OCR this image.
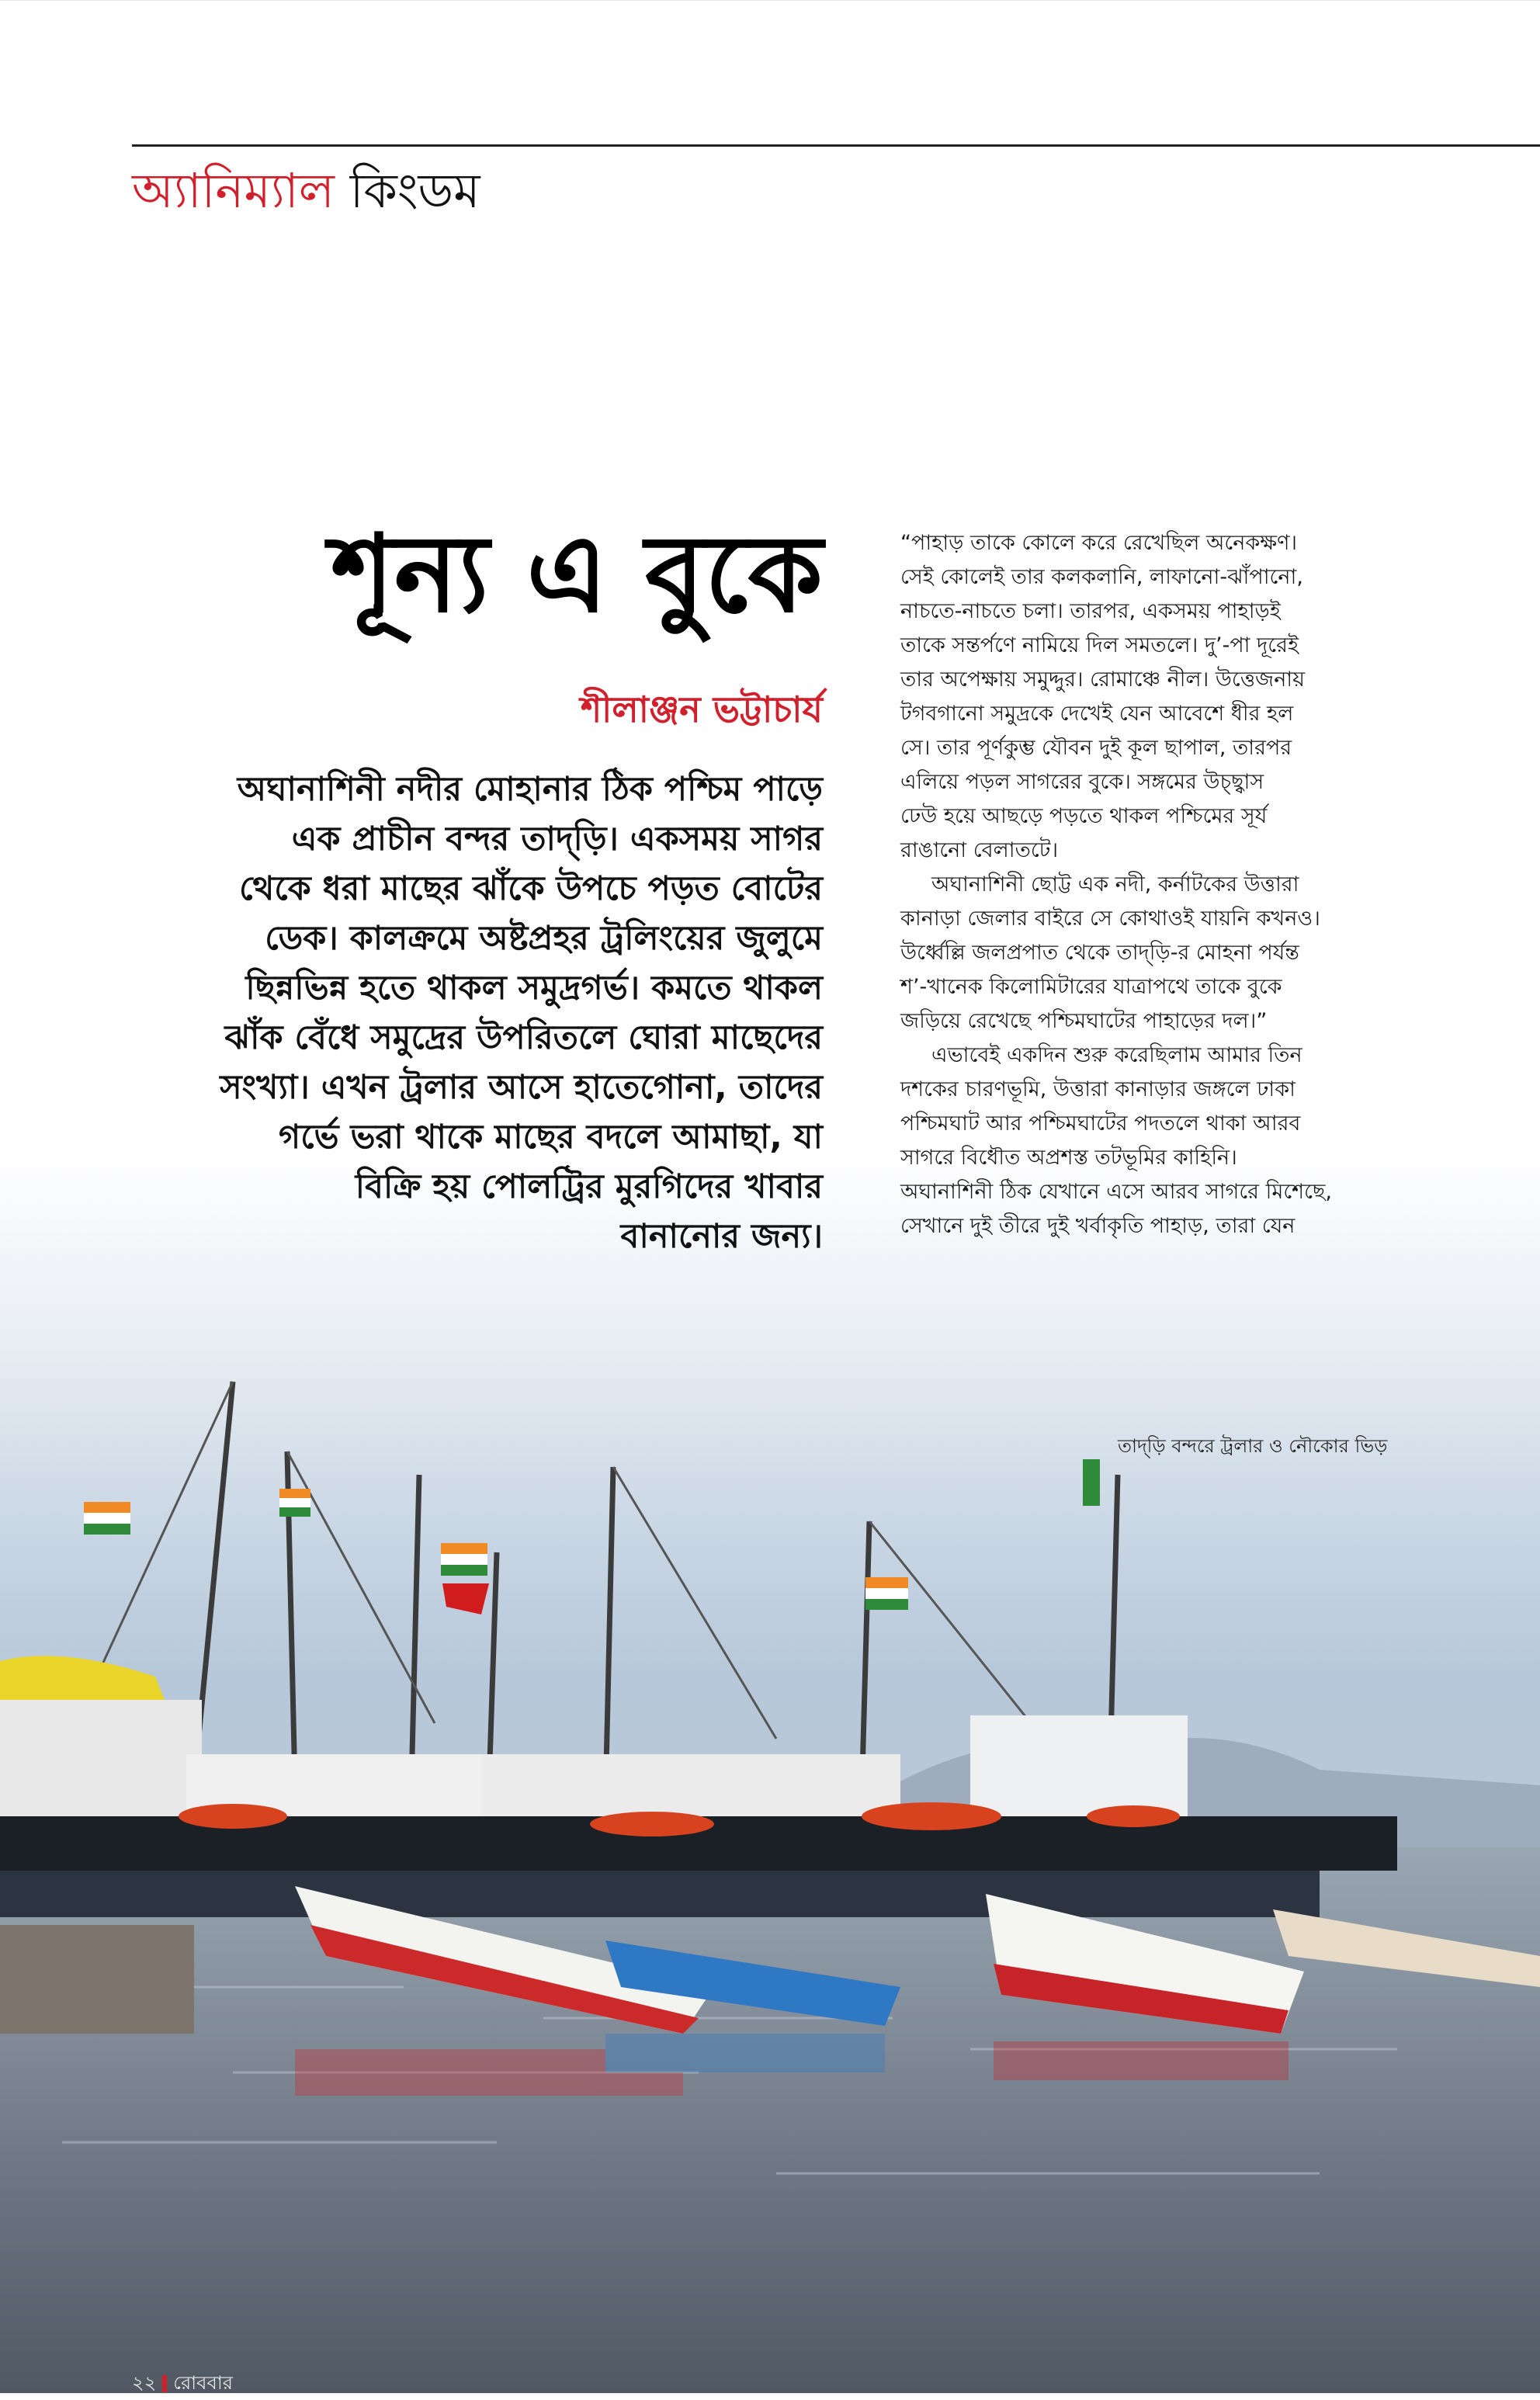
অ্যানিম্যাল কিংডম
শূন্য এ বুকে
শীলাঞ্জন ভট্টাচার্য

অঘানাশিনী নদীর মোহানার ঠিক পশ্চিম পাড়ে

এক প্রাচীন বন্দর তাদ্‌ড়ি। একসময় সাগর

থেকে ধরা মাছের ঝাঁকে উপচে পড়ত বোটের

ডেক। কালক্রমে অষ্টপ্রহর ট্রলিংয়ের জুলুমে

ছিন্নভিন্ন হতে থাকল সমুদ্রগর্ভ। কমতে থাকল

ঝাঁক বেঁধে সমুদ্রের উপরিতলে ঘোরা মাছেদের

সংখ্যা। এখন ট্রলার আসে হাতেগোনা, তাদের

গর্ভে ভরা থাকে মাছের বদলে আমাছা, যা

বিক্রি হয় পোলট্রির মুরগিদের খাবার

বানানোর জন্য।

“পাহাড় তাকে কোলে করে রেখেছিল অনেকক্ষণ।

সেই কোলেই তার কলকলানি, লাফানো-ঝাঁপানো,

নাচতে-নাচতে চলা। তারপর, একসময় পাহাড়ই

তাকে সন্তর্পণে নামিয়ে দিল সমতলে। দু’-পা দূরেই

তার অপেক্ষায় সমুদ্দুর। রোমাঞ্চে নীল। উত্তেজনায়

টগবগানো সমুদ্রকে দেখেই যেন আবেশে ধীর হল

সে। তার পূর্ণকুম্ভ যৌবন দুই কূল ছাপাল, তারপর

এলিয়ে পড়ল সাগরের বুকে। সঙ্গমের উচ্ছ্বাস

ঢেউ হয়ে আছড়ে পড়তে থাকল পশ্চিমের সূর্য

রাঙানো বেলাতটে।

অঘানাশিনী ছোট্ট এক নদী, কর্নাটকের উত্তারা

কানাড়া জেলার বাইরে সে কোথাওই যায়নি কখনও।

উর্ধ্বেল্লি জলপ্রপাত থেকে তাদ্‌ড়ি-র মোহনা পর্যন্ত

শ’-খানেক কিলোমিটারের যাত্রাপথে তাকে বুকে

জড়িয়ে রেখেছে পশ্চিমঘাটের পাহাড়ের দল।”

এভাবেই একদিন শুরু করেছিলাম আমার তিন

দশকের চারণভূমি, উত্তারা কানাড়ার জঙ্গলে ঢাকা

পশ্চিমঘাট আর পশ্চিমঘাটের পদতলে থাকা আরব

সাগরে বিধৌত অপ্রশস্ত তটভূমির কাহিনি।

অঘানাশিনী ঠিক যেখানে এসে আরব সাগরে মিশেছে,

সেখানে দুই তীরে দুই খর্বাকৃতি পাহাড়, তারা যেন

তাদ্‌ড়ি বন্দরে ট্রলার ও নৌকোর ভিড়
২২ রোববার
